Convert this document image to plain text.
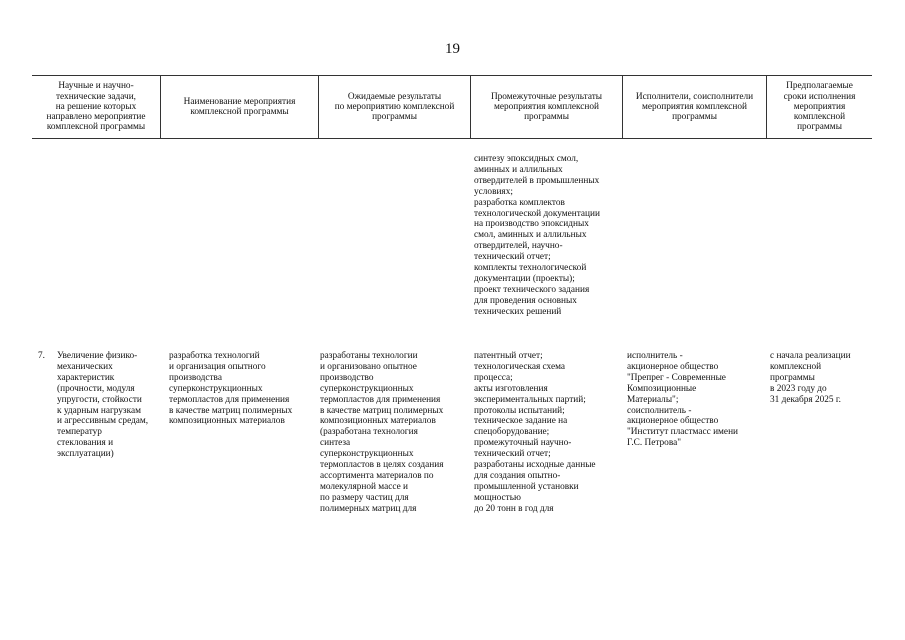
19
Научные и научно-
технические задачи,
на решение которых
направлено мероприятие
комплексной программы
Наименование мероприятия
комплексной программы
Ожидаемые результаты
по мероприятию комплексной
программы
Промежуточные результаты
мероприятия комплексной
программы
Исполнители, соисполнители
мероприятия комплексной
программы
Предполагаемые
сроки исполнения
мероприятия
комплексной
программы

синтезу эпоксидных смол,
аминных и аллильных
отвердителей в промышленных
условиях;
разработка комплектов
технологической документации
на производство эпоксидных
смол, аминных и аллильных
отвердителей, научно-
технический отчет;
комплекты технологической
документации (проекты);
проект технического задания
для проведения основных
технических решений

7. Увеличение физико-
механических
характеристик
(прочности, модуля
упругости, стойкости
к ударным нагрузкам
и агрессивным средам,
температур
стеклования и
эксплуатации)

разработка технологий
и организация опытного
производства
суперконструкционных
термопластов для применения
в качестве матриц полимерных
композиционных материалов

разработаны технологии
и организовано опытное
производство
суперконструкционных
термопластов для применения
в качестве матриц полимерных
композиционных материалов
(разработана технология
синтеза
суперконструкционных
термопластов в целях создания
ассортимента материалов по
молекулярной массе и
по размеру частиц для
полимерных матриц для

патентный отчет;
технологическая схема
процесса;
акты изготовления
экспериментальных партий;
протоколы испытаний;
техническое задание на
спецоборудование;
промежуточный научно-
технический отчет;
разработаны исходные данные
для создания опытно-
промышленной установки
мощностью
до 20 тонн в год для

исполнитель -
акционерное общество
"Препрег - Современные
Композиционные
Материалы";
соисполнитель -
акционерное общество
"Институт пластмасс имени
Г.С. Петрова"

с начала реализации
комплексной
программы
в 2023 году до
31 декабря 2025 г.
